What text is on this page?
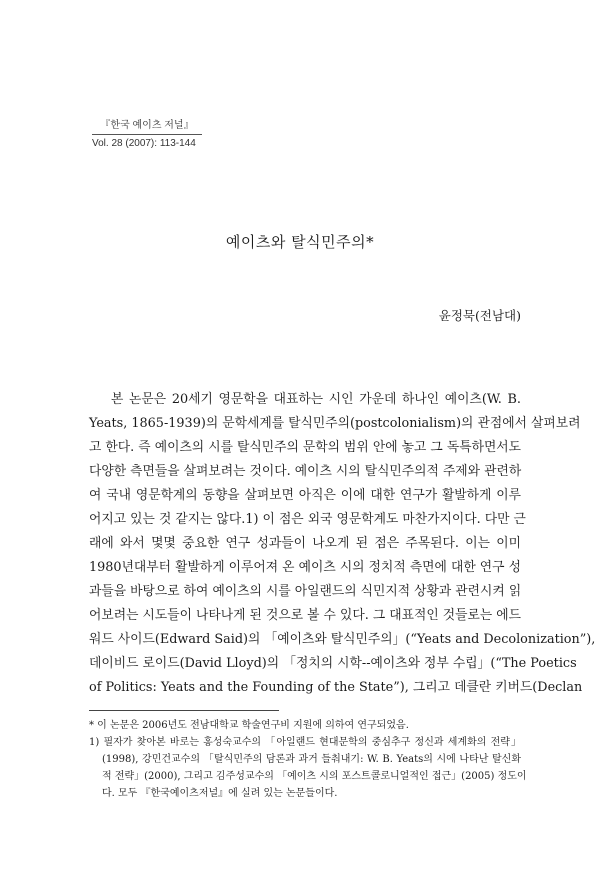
『한국 예이츠 저널』
Vol. 28 (2007): 113-144
예이츠와 탈식민주의*
윤정묵(전남대)
본 논문은 20세기 영문학을 대표하는 시인 가운데 하나인 예이츠(W. B.
Yeats, 1865-1939)의 문학세계를 탈식민주의(postcolonialism)의 관점에서 살펴보려
고 한다. 즉 예이츠의 시를 탈식민주의 문학의 범위 안에 놓고 그 독특하면서도
다양한 측면들을 살펴보려는 것이다. 예이츠 시의 탈식민주의적 주제와 관련하
여 국내 영문학계의 동향을 살펴보면 아직은 이에 대한 연구가 활발하게 이루
어지고 있는 것 같지는 않다.1) 이 점은 외국 영문학계도 마찬가지이다. 다만 근
래에 와서 몇몇 중요한 연구 성과들이 나오게 된 점은 주목된다. 이는 이미
1980년대부터 활발하게 이루어져 온 예이츠 시의 정치적 측면에 대한 연구 성
과들을 바탕으로 하여 예이츠의 시를 아일랜드의 식민지적 상황과 관련시켜 읽
어보려는 시도들이 나타나게 된 것으로 볼 수 있다. 그 대표적인 것들로는 에드
워드 사이드(Edward Said)의 「예이츠와 탈식민주의」(“Yeats and Decolonization”),
데이비드 로이드(David Lloyd)의 「정치의 시학--예이츠와 정부 수립」(“The Poetics
of Politics: Yeats and the Founding of the State”), 그리고 데클란 키버드(Declan
* 이 논문은 2006년도 전남대학교 학술연구비 지원에 의하여 연구되었음.
1) 필자가 찾아본 바로는 홍성숙교수의 「아일랜드 현대문학의 중심추구 정신과 세계화의 전략」
(1998), 강민건교수의 「탈식민주의 담론과 과거 들춰내기: W. B. Yeats의 시에 나타난 탈신화
적 전략」(2000), 그리고 김주성교수의 「예이츠 시의 포스트콜로니얼적인 접근」(2005) 정도이
다. 모두 『한국예이츠저널』에 실려 있는 논문들이다.
